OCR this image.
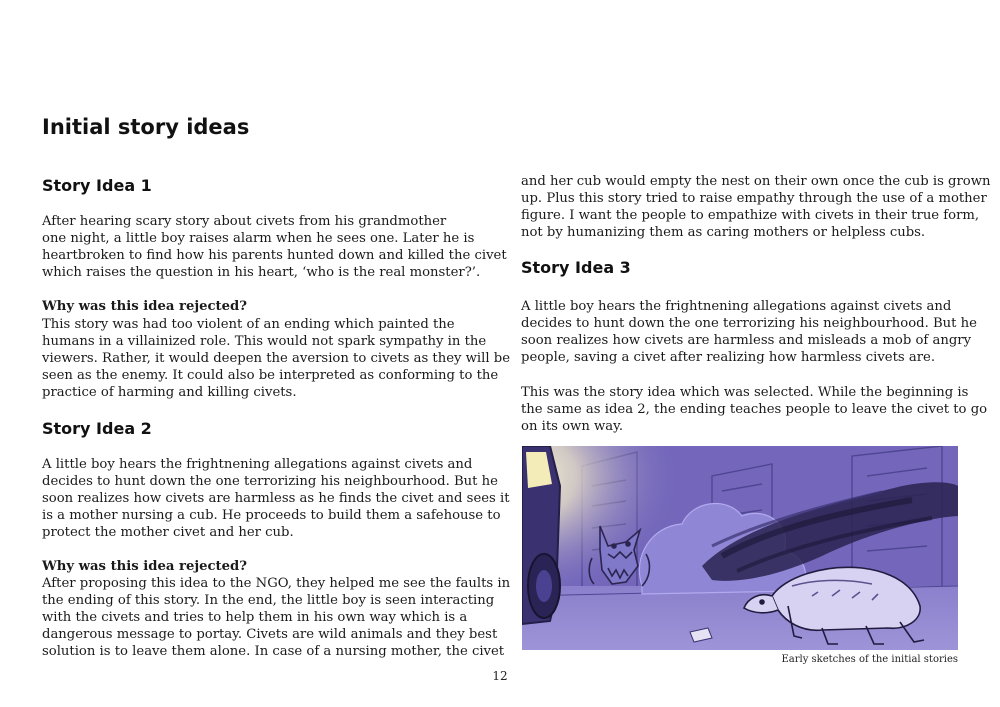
Initial story ideas
Story Idea 1

After hearing scary story about civets from his grandmother
one night, a little boy raises alarm when he sees one. Later he is
heartbroken to find how his parents hunted down and killed the civet
which raises the question in his heart, ‘who is the real monster?’.

Why was this idea rejected?

This story was had too violent of an ending which painted the
humans in a villainized role. This would not spark sympathy in the
viewers. Rather, it would deepen the aversion to civets as they will be
seen as the enemy. It could also be interpreted as conforming to the
practice of harming and killing civets.

Story Idea 2

A little boy hears the frightnening allegations against civets and
decides to hunt down the one terrorizing his neighbourhood. But he
soon realizes how civets are harmless as he finds the civet and sees it
is a mother nursing a cub. He proceeds to build them a safehouse to
protect the mother civet and her cub.

Why was this idea rejected?

After proposing this idea to the NGO, they helped me see the faults in
the ending of this story. In the end, the little boy is seen interacting
with the civets and tries to help them in his own way which is a
dangerous message to portay. Civets are wild animals and they best
solution is to leave them alone. In case of a nursing mother, the civet

and her cub would empty the nest on their own once the cub is grown
up. Plus this story tried to raise empathy through the use of a mother
figure. I want the people to empathize with civets in their true form,
not by humanizing them as caring mothers or helpless cubs.

Story Idea 3

A little boy hears the frightnening allegations against civets and
decides to hunt down the one terrorizing his neighbourhood. But he
soon realizes how civets are harmless and misleads a mob of angry
people, saving a civet after realizing how harmless civets are.

This was the story idea which was selected. While the beginning is
the same as idea 2, the ending teaches people to leave the civet to go
on its own way.

Early sketches of the initial stories

12
